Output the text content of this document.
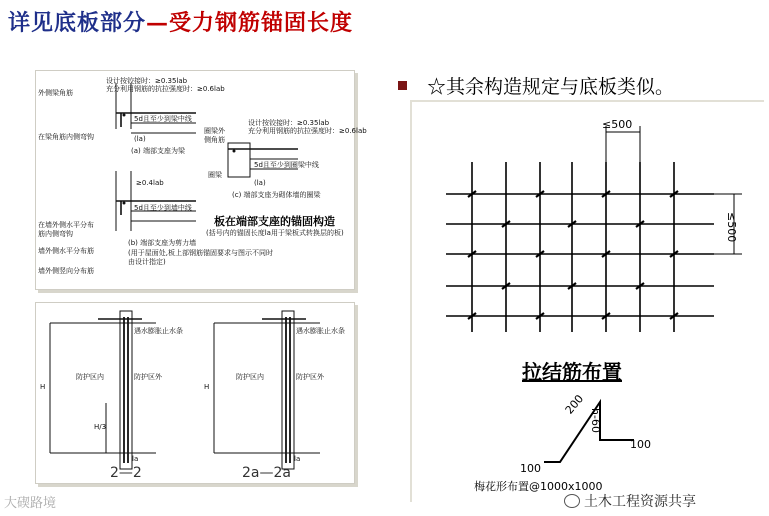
详见底板部分—受力钢筋锚固长度
☆其余构造规定与底板类似。
设计按铰接时：≥0.35lab
充分利用钢筋的抗拉强度时：≥0.6lab
外侧梁角筋
在梁角筋内侧弯钩
5d且至少到梁中线
(la)
(a) 端部支座为梁
≥0.4lab
5d且至少到墙中线
在墙外侧水平分布筋内侧弯钩
墙外侧水平分布筋
墙外侧竖向分布筋
(b) 端部支座为剪力墙
(用于屋面处,板上部钢筋锚固要求与图示不同时由设计指定)
设计按铰接时：≥0.35lab
充分利用钢筋的抗拉强度时：≥0.6lab
圈梁外侧角筋
圈梁
5d且至少到圈梁中线
(la)
(c) 端部支座为砌体墙的圈梁
板在端部支座的锚固构造
(括号内的锚固长度la用于梁板式转换层的板)
遇水膨胀止水条
防护区内	防护区外
H
H/3
la
遇水膨胀止水条
防护区内	防护区外
H
la
2—2	2a—2a
≤500
≤500
拉结筋布置
200
h-60
100
100
梅花形布置@1000x1000
大碶路境	土木工程资源共享
